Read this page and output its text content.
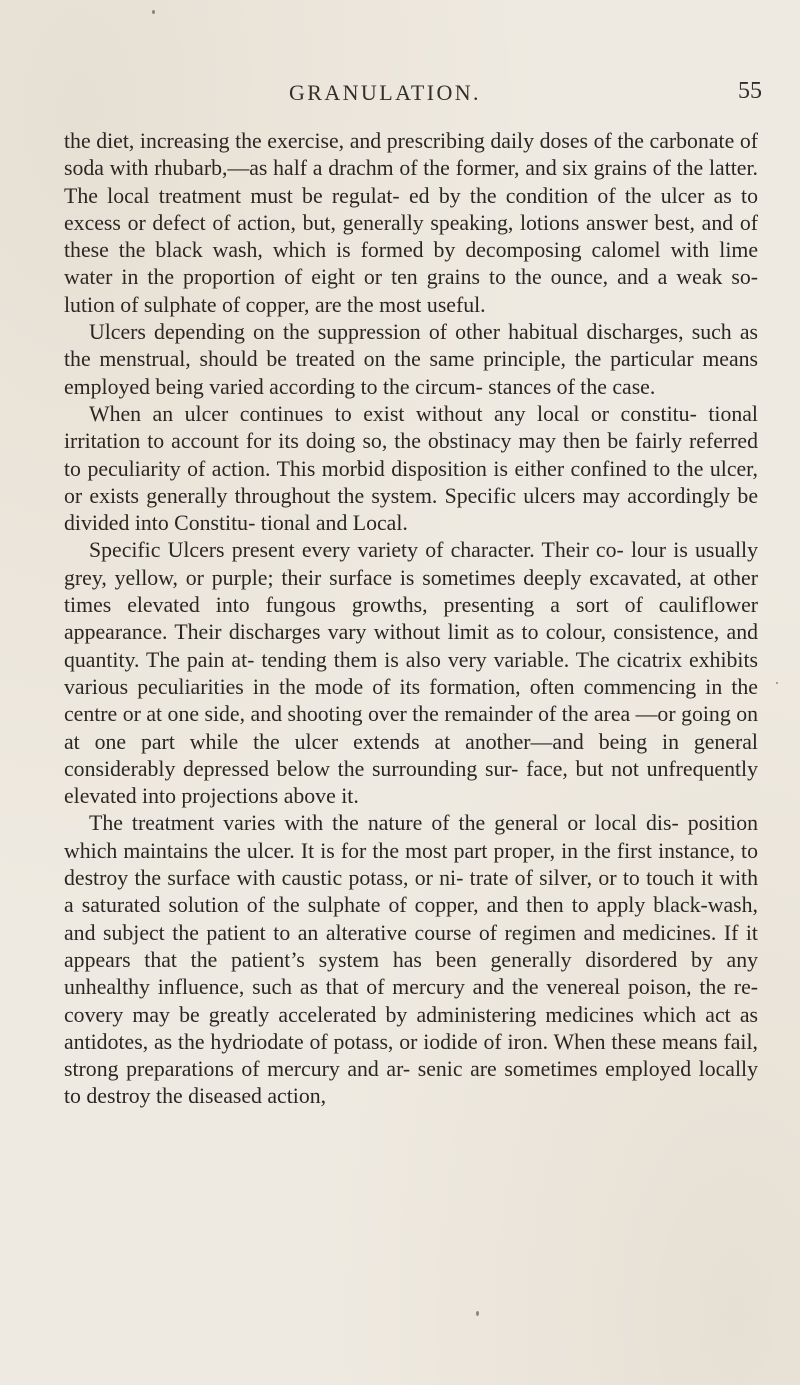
GRANULATION.	55

the diet, increasing the exercise, and prescribing daily doses of the carbonate of soda with rhubarb,—as half a drachm of the former, and six grains of the latter. The local treatment must be regulat- ed by the condition of the ulcer as to excess or defect of action, but, generally speaking, lotions answer best, and of these the black wash, which is formed by decomposing calomel with lime water in the proportion of eight or ten grains to the ounce, and a weak so- lution of sulphate of copper, are the most useful.

Ulcers depending on the suppression of other habitual discharges, such as the menstrual, should be treated on the same principle, the particular means employed being varied according to the circum- stances of the case.

When an ulcer continues to exist without any local or constitu- tional irritation to account for its doing so, the obstinacy may then be fairly referred to peculiarity of action. This morbid disposition is either confined to the ulcer, or exists generally throughout the system. Specific ulcers may accordingly be divided into Constitu- tional and Local.

Specific Ulcers present every variety of character. Their co- lour is usually grey, yellow, or purple; their surface is sometimes deeply excavated, at other times elevated into fungous growths, presenting a sort of cauliflower appearance. Their discharges vary without limit as to colour, consistence, and quantity. The pain at- tending them is also very variable. The cicatrix exhibits various peculiarities in the mode of its formation, often commencing in the centre or at one side, and shooting over the remainder of the area —or going on at one part while the ulcer extends at another—and being in general considerably depressed below the surrounding sur- face, but not unfrequently elevated into projections above it.

The treatment varies with the nature of the general or local dis- position which maintains the ulcer. It is for the most part proper, in the first instance, to destroy the surface with caustic potass, or ni- trate of silver, or to touch it with a saturated solution of the sulphate of copper, and then to apply black-wash, and subject the patient to an alterative course of regimen and medicines. If it appears that the patient’s system has been generally disordered by any unhealthy influence, such as that of mercury and the venereal poison, the re- covery may be greatly accelerated by administering medicines which act as antidotes, as the hydriodate of potass, or iodide of iron. When these means fail, strong preparations of mercury and ar- senic are sometimes employed locally to destroy the diseased action,
